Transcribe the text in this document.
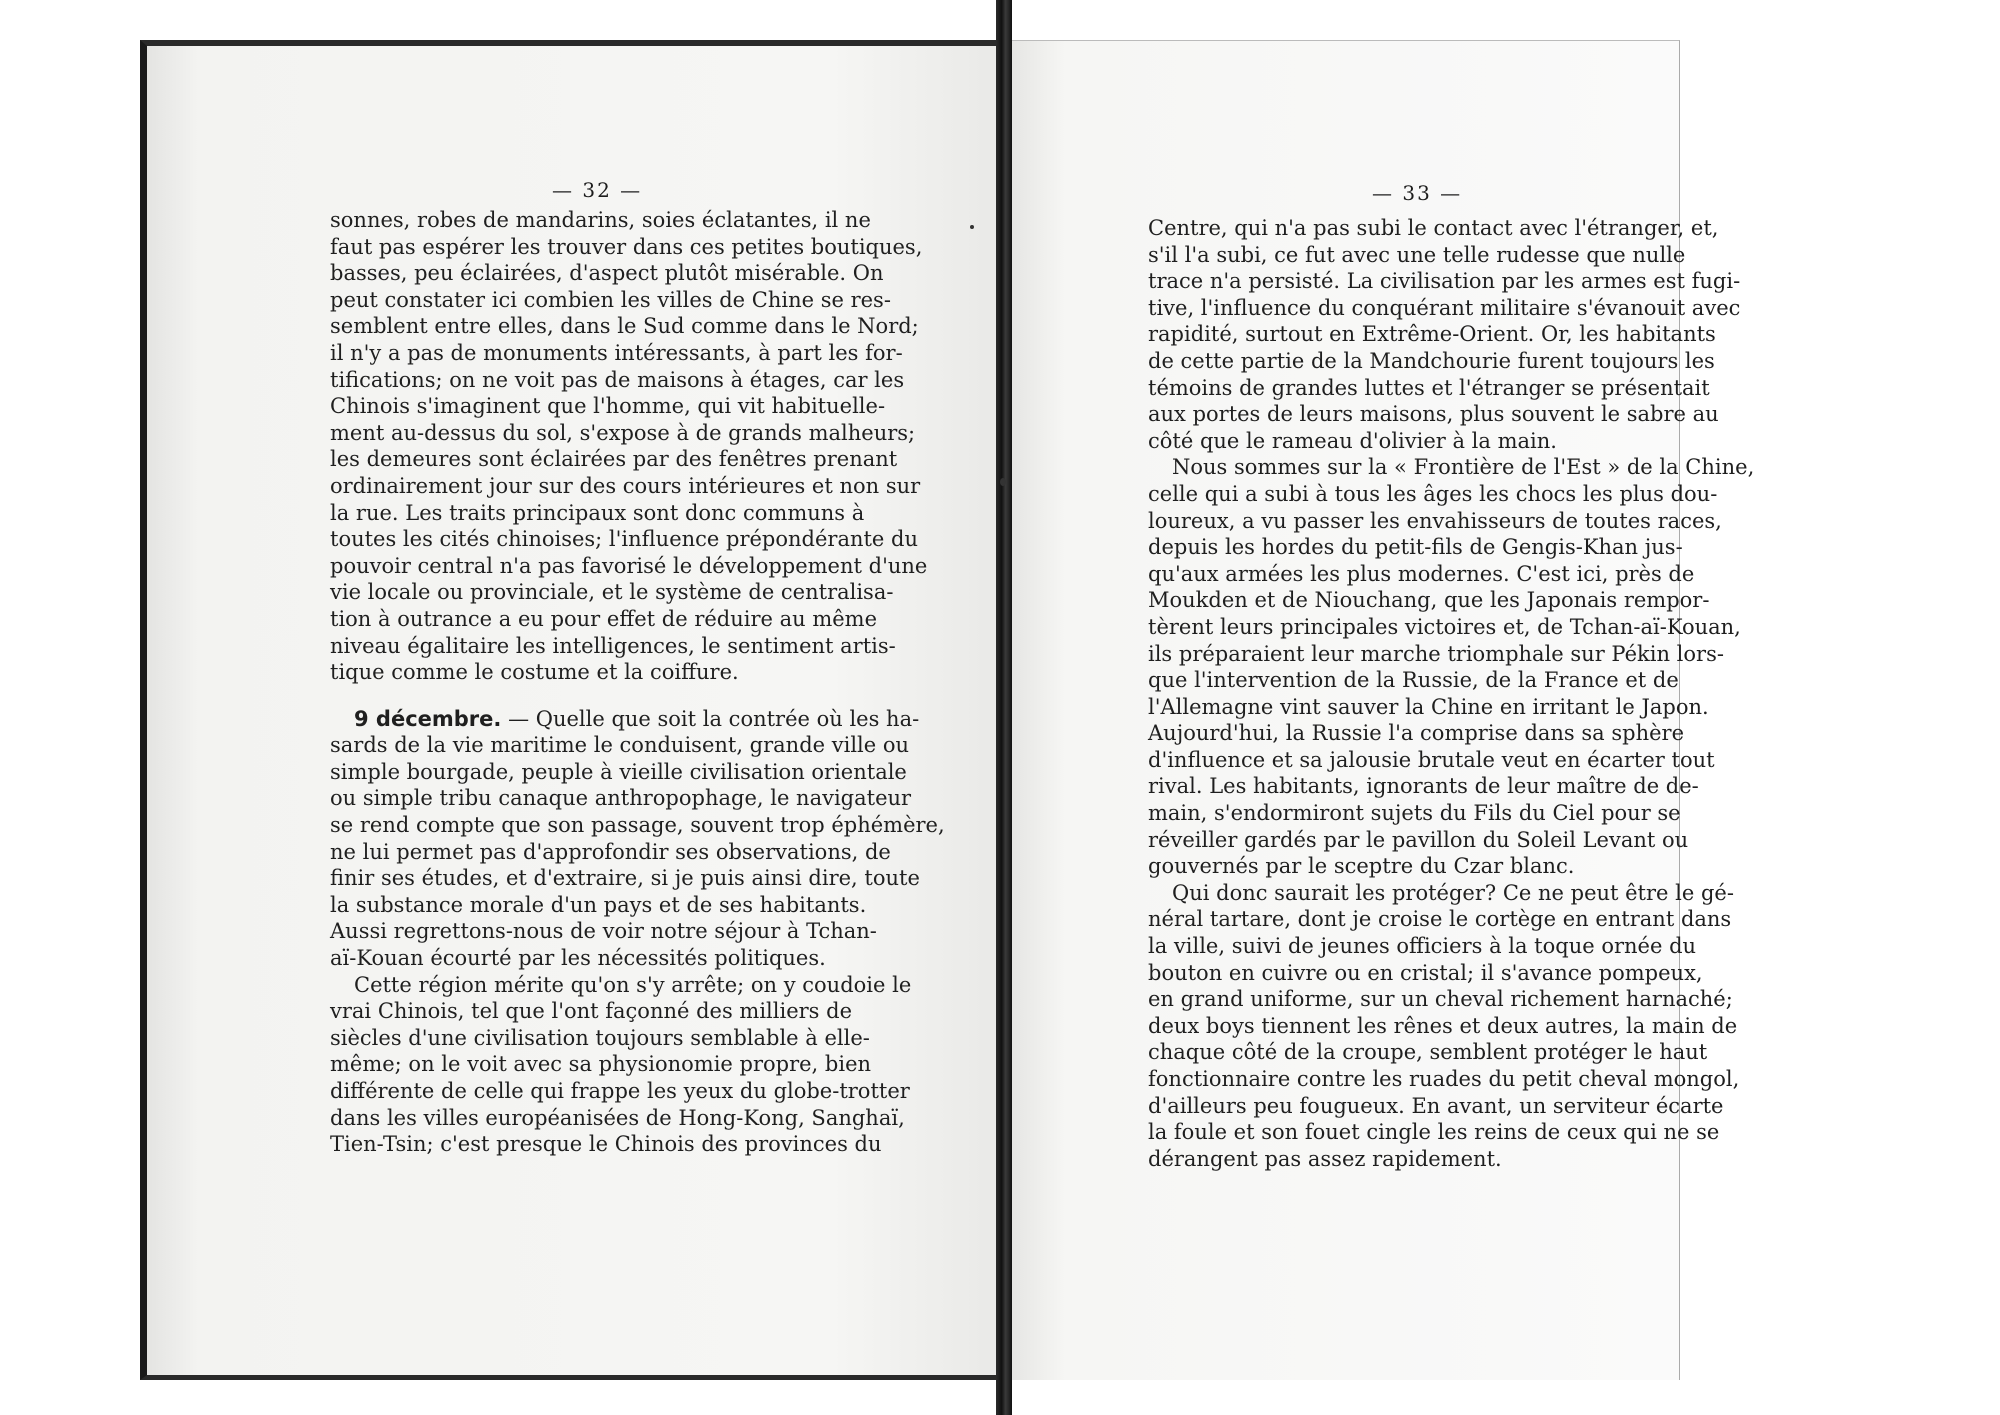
— 32 —
sonnes, robes de mandarins, soies éclatantes, il ne
faut pas espérer les trouver dans ces petites boutiques,
basses, peu éclairées, d'aspect plutôt misérable. On
peut constater ici combien les villes de Chine se res-
semblent entre elles, dans le Sud comme dans le Nord;
il n'y a pas de monuments intéressants, à part les for-
tifications; on ne voit pas de maisons à étages, car les
Chinois s'imaginent que l'homme, qui vit habituelle-
ment au-dessus du sol, s'expose à de grands malheurs;
les demeures sont éclairées par des fenêtres prenant
ordinairement jour sur des cours intérieures et non sur
la rue. Les traits principaux sont donc communs à
toutes les cités chinoises; l'influence prépondérante du
pouvoir central n'a pas favorisé le développement d'une
vie locale ou provinciale, et le système de centralisa-
tion à outrance a eu pour effet de réduire au même
niveau égalitaire les intelligences, le sentiment artis-
tique comme le costume et la coiffure.
9 décembre. — Quelle que soit la contrée où les ha-
sards de la vie maritime le conduisent, grande ville ou
simple bourgade, peuple à vieille civilisation orientale
ou simple tribu canaque anthropophage, le navigateur
se rend compte que son passage, souvent trop éphémère,
ne lui permet pas d'approfondir ses observations, de
finir ses études, et d'extraire, si je puis ainsi dire, toute
la substance morale d'un pays et de ses habitants.
Aussi regrettons-nous de voir notre séjour à Tchan-
aï-Kouan écourté par les nécessités politiques.
Cette région mérite qu'on s'y arrête; on y coudoie le
vrai Chinois, tel que l'ont façonné des milliers de
siècles d'une civilisation toujours semblable à elle-
même; on le voit avec sa physionomie propre, bien
différente de celle qui frappe les yeux du globe-trotter
dans les villes européanisées de Hong-Kong, Sanghaï,
Tien-Tsin; c'est presque le Chinois des provinces du
— 33 —
Centre, qui n'a pas subi le contact avec l'étranger, et,
s'il l'a subi, ce fut avec une telle rudesse que nulle
trace n'a persisté. La civilisation par les armes est fugi-
tive, l'influence du conquérant militaire s'évanouit avec
rapidité, surtout en Extrême-Orient. Or, les habitants
de cette partie de la Mandchourie furent toujours les
témoins de grandes luttes et l'étranger se présentait
aux portes de leurs maisons, plus souvent le sabre au
côté que le rameau d'olivier à la main.
Nous sommes sur la « Frontière de l'Est » de la Chine,
celle qui a subi à tous les âges les chocs les plus dou-
loureux, a vu passer les envahisseurs de toutes races,
depuis les hordes du petit-fils de Gengis-Khan jus-
qu'aux armées les plus modernes. C'est ici, près de
Moukden et de Niouchang, que les Japonais rempor-
tèrent leurs principales victoires et, de Tchan-aï-Kouan,
ils préparaient leur marche triomphale sur Pékin lors-
que l'intervention de la Russie, de la France et de
l'Allemagne vint sauver la Chine en irritant le Japon.
Aujourd'hui, la Russie l'a comprise dans sa sphère
d'influence et sa jalousie brutale veut en écarter tout
rival. Les habitants, ignorants de leur maître de de-
main, s'endormiront sujets du Fils du Ciel pour se
réveiller gardés par le pavillon du Soleil Levant ou
gouvernés par le sceptre du Czar blanc.
Qui donc saurait les protéger? Ce ne peut être le gé-
néral tartare, dont je croise le cortège en entrant dans
la ville, suivi de jeunes officiers à la toque ornée du
bouton en cuivre ou en cristal; il s'avance pompeux,
en grand uniforme, sur un cheval richement harnaché;
deux boys tiennent les rênes et deux autres, la main de
chaque côté de la croupe, semblent protéger le haut
fonctionnaire contre les ruades du petit cheval mongol,
d'ailleurs peu fougueux. En avant, un serviteur écarte
la foule et son fouet cingle les reins de ceux qui ne se
dérangent pas assez rapidement.
